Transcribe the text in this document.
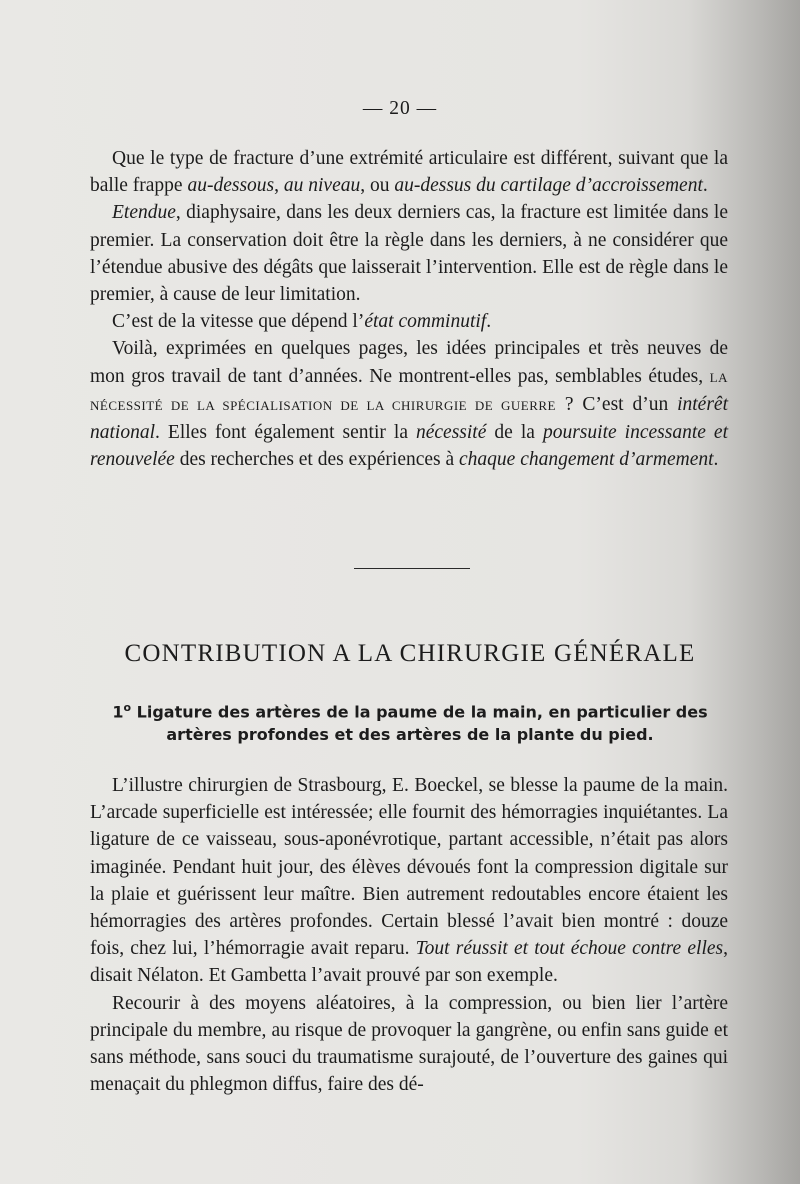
— 20 —

Que le type de fracture d’une extrémité articulaire est différent, suivant que la balle frappe au-dessous, au niveau, ou au-dessus du cartilage d’accroissement.

Etendue, diaphysaire, dans les deux derniers cas, la fracture est limitée dans le premier. La conservation doit être la règle dans les derniers, à ne considérer que l’étendue abusive des dégâts que laisserait l’intervention. Elle est de règle dans le premier, à cause de leur limitation.

C’est de la vitesse que dépend l’état comminutif.

Voilà, exprimées en quelques pages, les idées principales et très neuves de mon gros travail de tant d’années. Ne montrent-elles pas, semblables études, LA NÉCESSITÉ DE LA SPÉCIALISATION DE LA CHIRURGIE DE GUERRE ? C’est d’un intérêt national. Elles font également sentir la nécessité de la poursuite incessante et renouvelée des recherches et des expériences à chaque changement d’armement.

CONTRIBUTION A LA CHIRURGIE GÉNÉRALE
1$^o$ Ligature des artères de la paume de la main, en particulier des artères profondes et des artères de la plante du pied.

L’illustre chirurgien de Strasbourg, E. Boeckel, se blesse la paume de la main. L’arcade superficielle est intéressée; elle fournit des hémorragies inquiétantes. La ligature de ce vaisseau, sous-aponévrotique, partant accessible, n’était pas alors imaginée. Pendant huit jour, des élèves dévoués font la compression digitale sur la plaie et guérissent leur maître. Bien autrement redoutables encore étaient les hémorragies des artères profondes. Certain blessé l’avait bien montré : douze fois, chez lui, l’hémorragie avait reparu. Tout réussit et tout échoue contre elles, disait Nélaton. Et Gambetta l’avait prouvé par son exemple.

Recourir à des moyens aléatoires, à la compression, ou bien lier l’artère principale du membre, au risque de provoquer la gangrène, ou enfin sans guide et sans méthode, sans souci du traumatisme surajouté, de l’ouverture des gaines qui menaçait du phlegmon diffus, faire des dé-
